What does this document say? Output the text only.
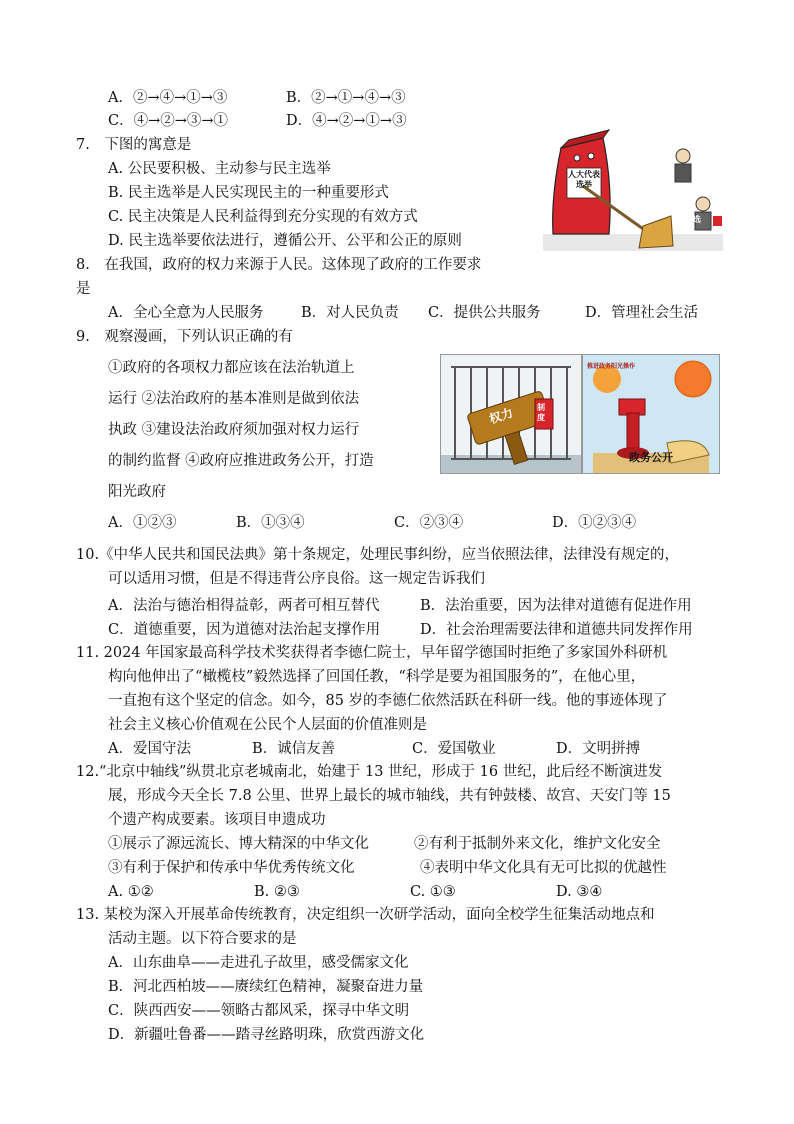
A．②→④→①→③	B．②→①→④→③
C．④→②→③→①	D．④→②→①→③
7.　下图的寓意是
A. 公民要积极、主动参与民主选举
B. 民主选举是人民实现民主的一种重要形式
C. 民主决策是人民利益得到充分实现的有效方式
D. 民主选举要依法进行，遵循公开、公平和公正的原则
人大代表选举
选
8.　在我国，政府的权力来源于人民。这体现了政府的工作要求
是
A．全心全意为人民服务	B．对人民负责 C．提供公共服务	D．管理社会生活
9.　观察漫画，下列认识正确的有
①政府的各项权力都应该在法治轨道上
运行 ②法治政府的基本准则是做到依法
执政 ③建设法治政府须加强对权力运行
的制约监督 ④政府应推进政务公开，打造
阳光政府
A．①②③	B．①③④	C．②③④	D．①②③④
权力	制度
推进政务阳光操作
政务公开
10.《中华人民共和国民法典》第十条规定，处理民事纠纷，应当依照法律，法律没有规定的，
可以适用习惯，但是不得违背公序良俗。这一规定告诉我们
A．法治与德治相得益彰，两者可相互替代	B．法治重要，因为法律对道德有促进作用
C．道德重要，因为道德对法治起支撑作用	D．社会治理需要法律和道德共同发挥作用
11. 2024 年国家最高科学技术奖获得者李德仁院士，早年留学德国时拒绝了多家国外科研机
构向他伸出了“橄榄枝”毅然选择了回国任教，“科学是要为祖国服务的”，在他心里，
一直抱有这个坚定的信念。如今，85 岁的李德仁依然活跃在科研一线。他的事迹体现了
社会主义核心价值观在公民个人层面的价值准则是
A．爱国守法	B．诚信友善	C．爱国敬业	D．文明拼搏
12.“北京中轴线”纵贯北京老城南北，始建于 13 世纪，形成于 16 世纪，此后经不断演进发
展，形成今天全长 7.8 公里、世界上最长的城市轴线，共有钟鼓楼、故宫、天安门等 15
个遗产构成要素。该项目申遗成功
①展示了源远流长、博大精深的中华文化	②有利于抵制外来文化，维护文化安全
③有利于保护和传承中华优秀传统文化	④表明中华文化具有无可比拟的优越性
A. ①②	B. ②③	C. ①③	D. ③④
13. 某校为深入开展革命传统教育，决定组织一次研学活动，面向全校学生征集活动地点和
活动主题。以下符合要求的是
A．山东曲阜——走进孔子故里，感受儒家文化
B．河北西柏坡——赓续红色精神，凝聚奋进力量
C．陕西西安——领略古都风采，探寻中华文明
D．新疆吐鲁番——踏寻丝路明珠，欣赏西游文化
